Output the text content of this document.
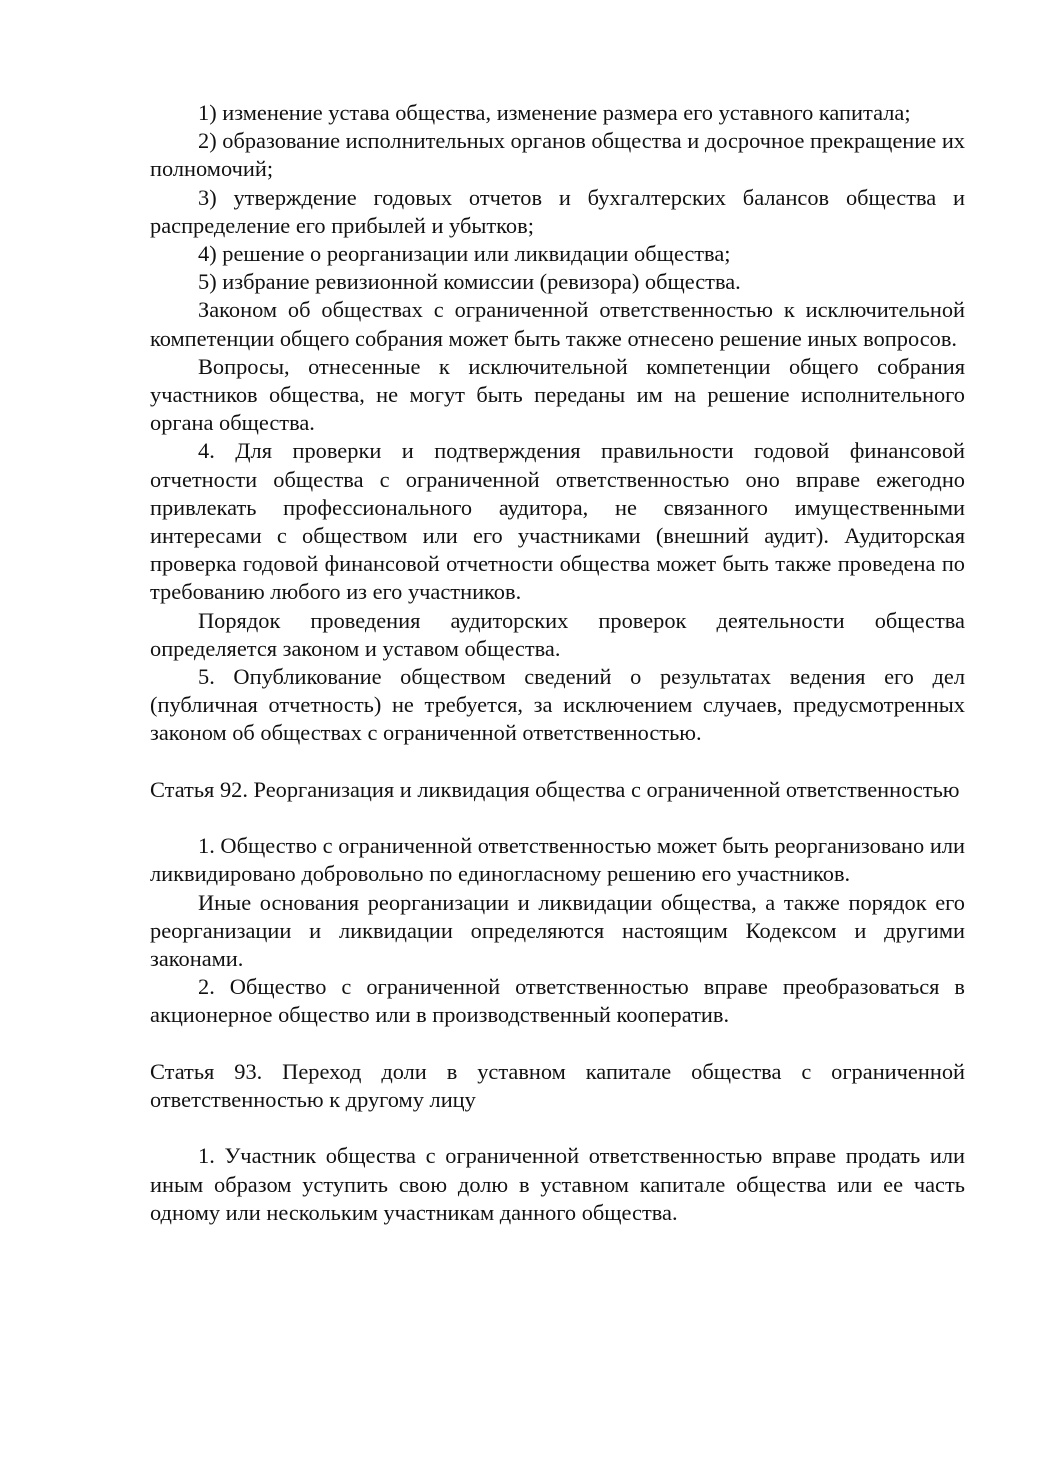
1) изменение устава общества, изменение размера его уставного капитала;

2) образование исполнительных органов общества и досрочное прекращение их полномочий;

3) утверждение годовых отчетов и бухгалтерских балансов общества и распределение его прибылей и убытков;

4) решение о реорганизации или ликвидации общества;

5) избрание ревизионной комиссии (ревизора) общества.

Законом об обществах с ограниченной ответственностью к исключительной компетенции общего собрания может быть также отнесено решение иных вопросов.

Вопросы, отнесенные к исключительной компетенции общего собрания участников общества, не могут быть переданы им на решение исполнительного органа общества.

4. Для проверки и подтверждения правильности годовой финансовой отчетности общества с ограниченной ответственностью оно вправе ежегодно привлекать профессионального аудитора, не связанного имущественными интересами с обществом или его участниками (внешний аудит). Аудиторская проверка годовой финансовой отчетности общества может быть также проведена по требованию любого из его участников.

Порядок проведения аудиторских проверок деятельности общества определяется законом и уставом общества.

5. Опубликование обществом сведений о результатах ведения его дел (публичная отчетность) не требуется, за исключением случаев, предусмотренных законом об обществах с ограниченной ответственностью.

Статья 92. Реорганизация и ликвидация общества с ограниченной ответственностью

1. Общество с ограниченной ответственностью может быть реорганизовано или ликвидировано добровольно по единогласному решению его участников.

Иные основания реорганизации и ликвидации общества, а также порядок его реорганизации и ликвидации определяются настоящим Кодексом и другими законами.

2. Общество с ограниченной ответственностью вправе преобразоваться в акционерное общество или в производственный кооператив.

Статья 93. Переход доли в уставном капитале общества с ограниченной ответственностью к другому лицу

1. Участник общества с ограниченной ответственностью вправе продать или иным образом уступить свою долю в уставном капитале общества или ее часть одному или нескольким участникам данного общества.
